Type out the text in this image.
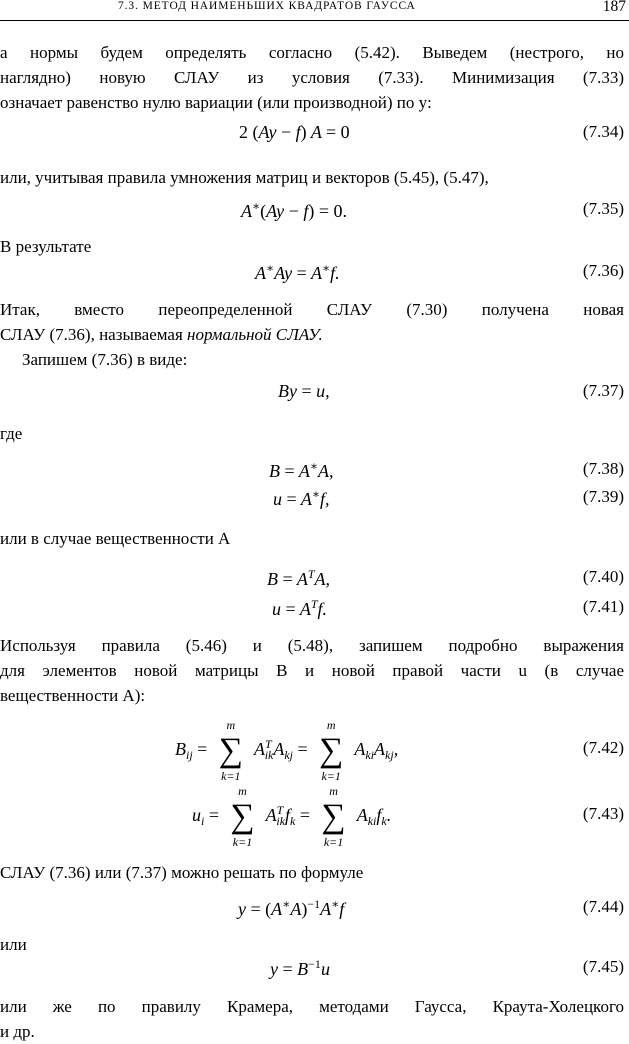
7.3. МЕТОД НАИМЕНЬШИХ КВАДРАТОВ ГАУССА	187
а нормы будем определять согласно (5.42). Выведем (нестрого, но
наглядно) новую СЛАУ из условия (7.33). Минимизация (7.33)
означает равенство нулю вариации (или производной) по y:
2 (Ay − f) A = 0	(7.34)
или, учитывая правила умножения матриц и векторов (5.45), (5.47),
A∗(Ay − f) = 0.	(7.35)
В результате
A∗Ay = A∗f.	(7.36)
Итак, вместо переопределенной СЛАУ (7.30) получена новая
СЛАУ (7.36), называемая нормальной СЛАУ.
Запишем (7.36) в виде:
By = u,	(7.37)
где
B = A∗A,	(7.38)
u = A∗f,	(7.39)
или в случае вещественности A
$B = A^TA$,	(7.40)
$u = A^Tf$.	(7.41)
Используя правила (5.46) и (5.48), запишем подробно выражения
для элементов новой матрицы B и новой правой части u (в случае
вещественности A):
$B_{ij}$ =
m
∑
k=1
$A^T_{ik}A_{kj}$ =
m
∑
k=1
$A_{ki}A_{kj}$,	(7.42)
$u_i$ =
m
∑
k=1
$A^T_{ik}f_k$ =
m
∑
k=1
$A_{ki}f_k$.	(7.43)
СЛАУ (7.36) или (7.37) можно решать по формуле
$y = (A^∗A)^{-1}A^∗f$	(7.44)
или
$y = B^{-1}u$	(7.45)
или же по правилу Крамера, методами Гаусса, Краута-Холецкого
и др.
